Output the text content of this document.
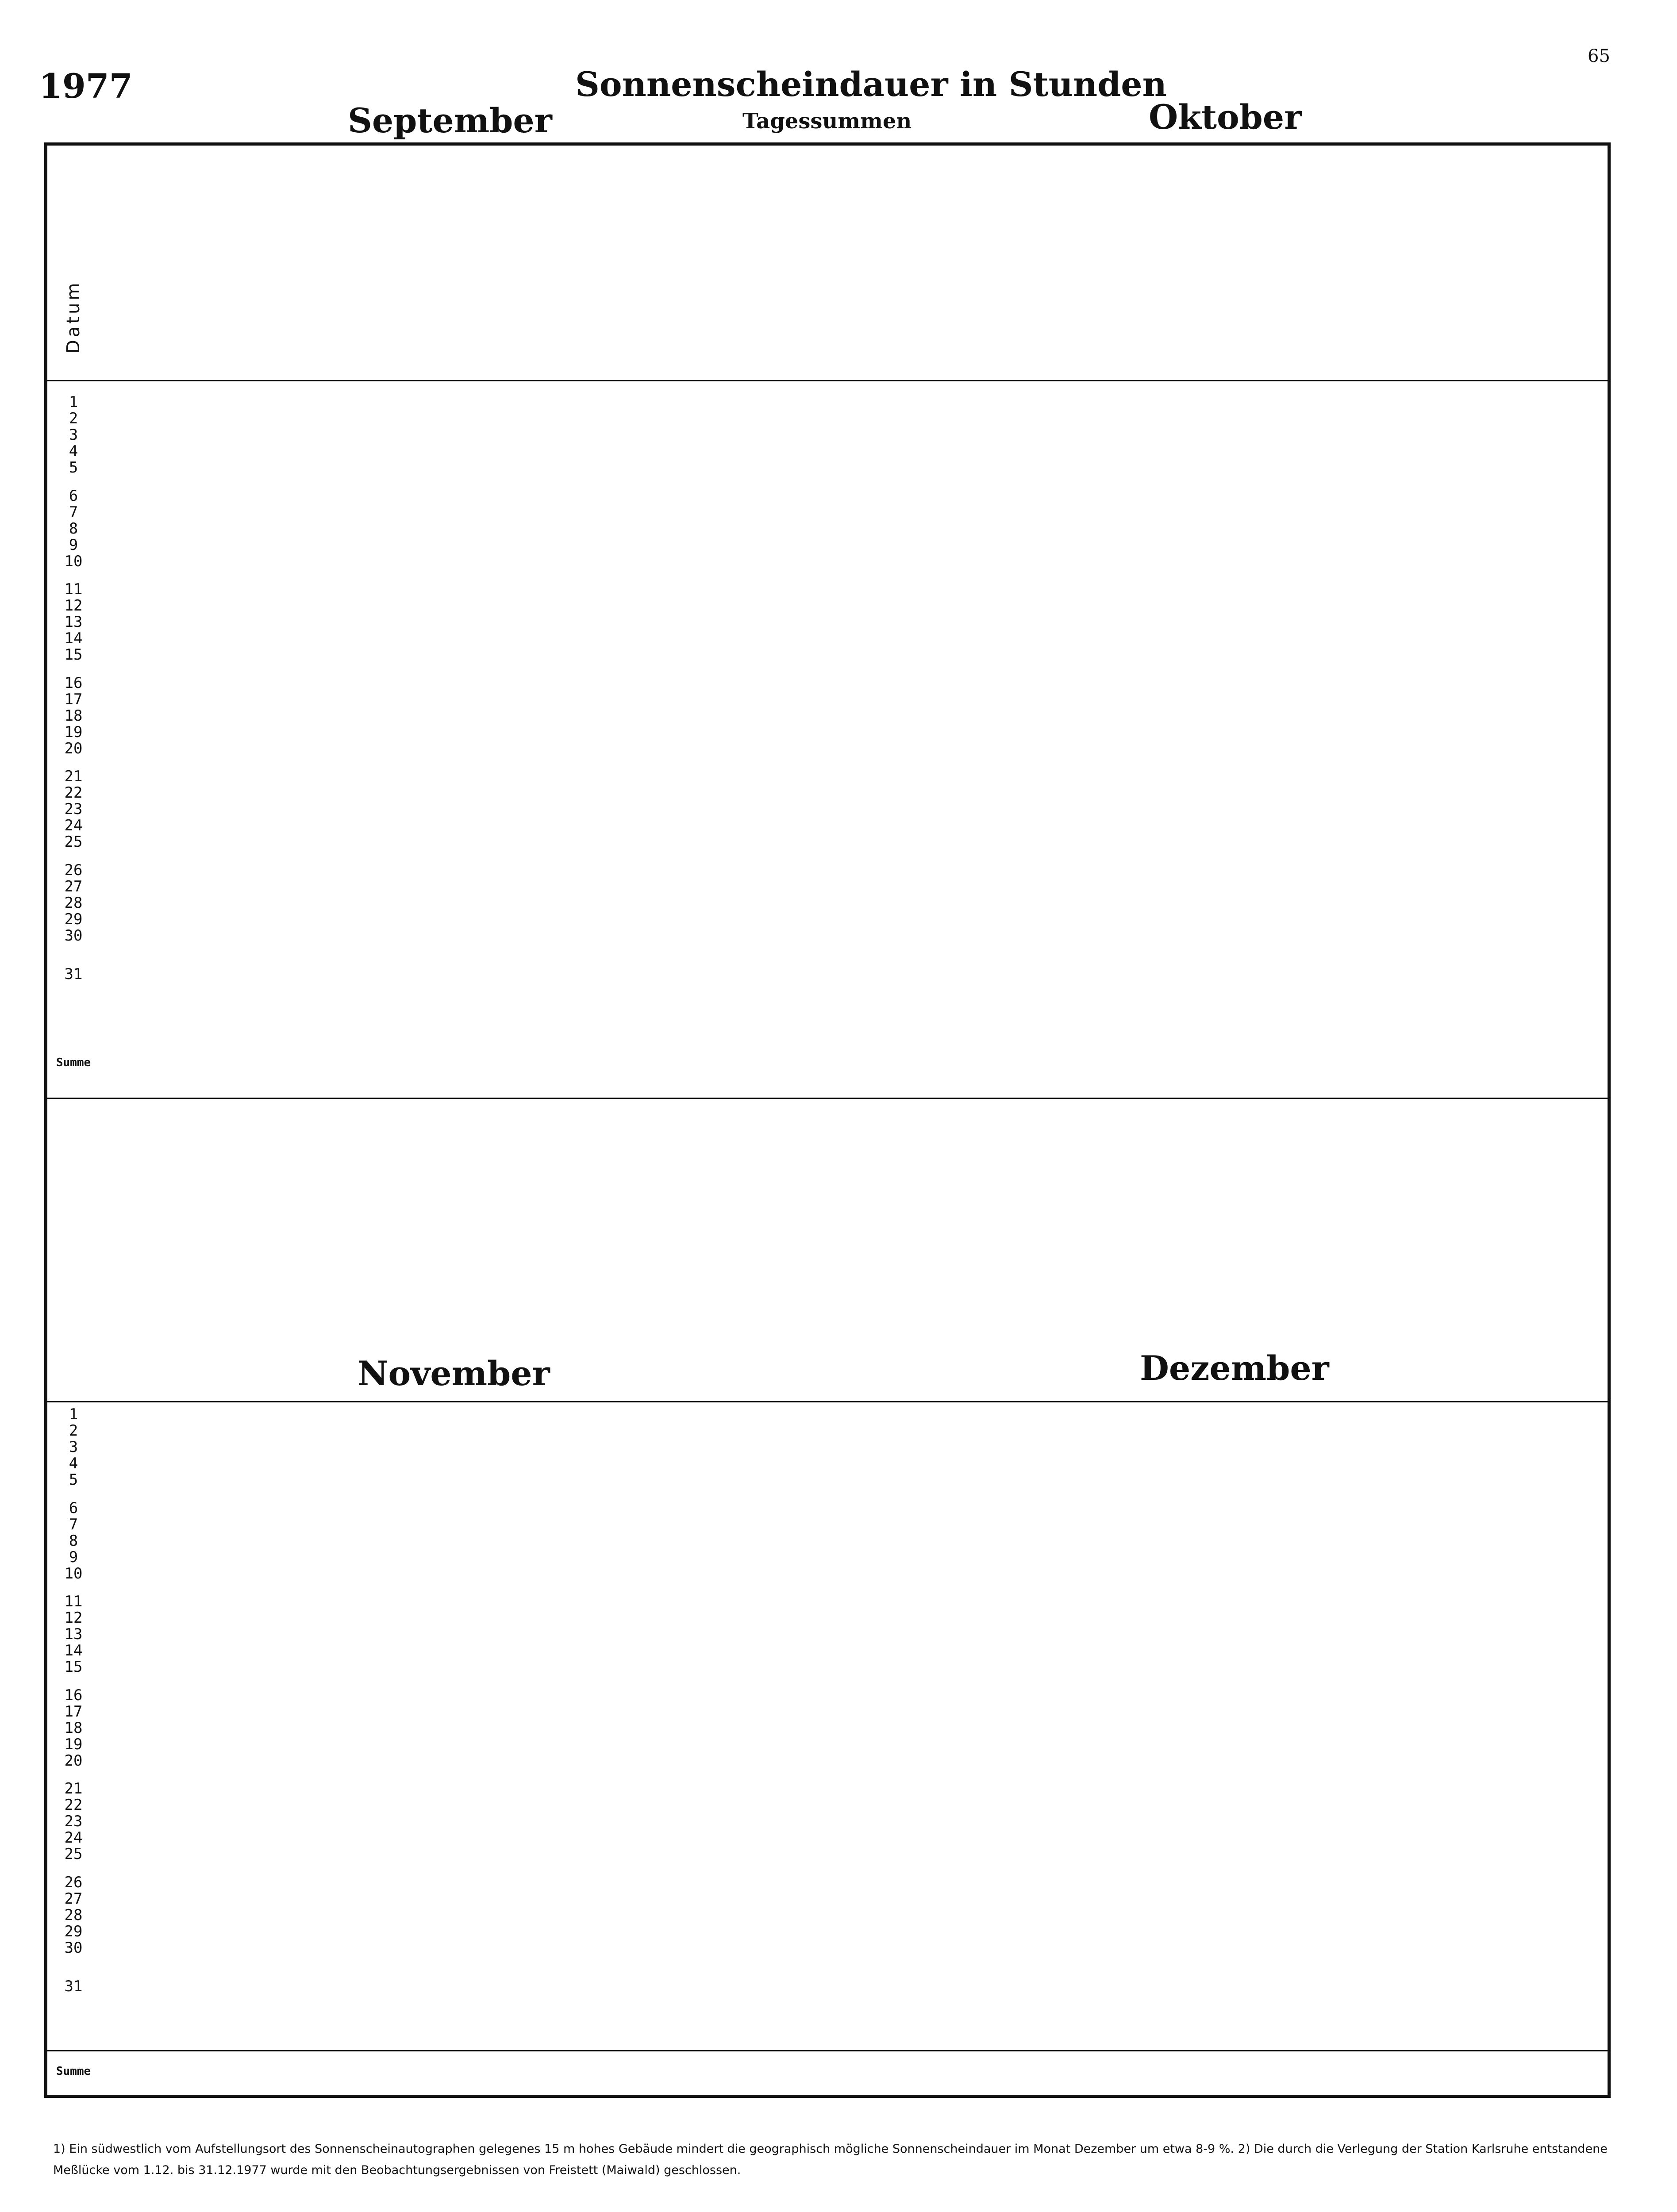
1977
65
Sonnenscheindauer in Stunden
Tagessummen
September	Oktober
Datum
1
2
3
4
5
6
7
8
9
10
11
12
13
14
15
16
17
18
19
20
21
22
23
24
25
26
27
28
29
30
31
Summe
1
2
3
4
5
6
7
8
9
10
11
12
13
14
15
16
17
18
19
20
21
22
23
24
25
26
27
28
29
30
31
Summe
November	Dezember
1) Ein südwestlich vom Aufstellungsort des Sonnenscheinautographen gelegenes 15 m hohes Gebäude mindert die geographisch mögliche Sonnenscheindauer im Monat Dezember um etwa 8-9 %. 2) Die durch die Verlegung der Station Karlsruhe entstandene
Meßlücke vom 1.12. bis 31.12.1977 wurde mit den Beobachtungsergebnissen von Freistett (Maiwald) geschlossen.
